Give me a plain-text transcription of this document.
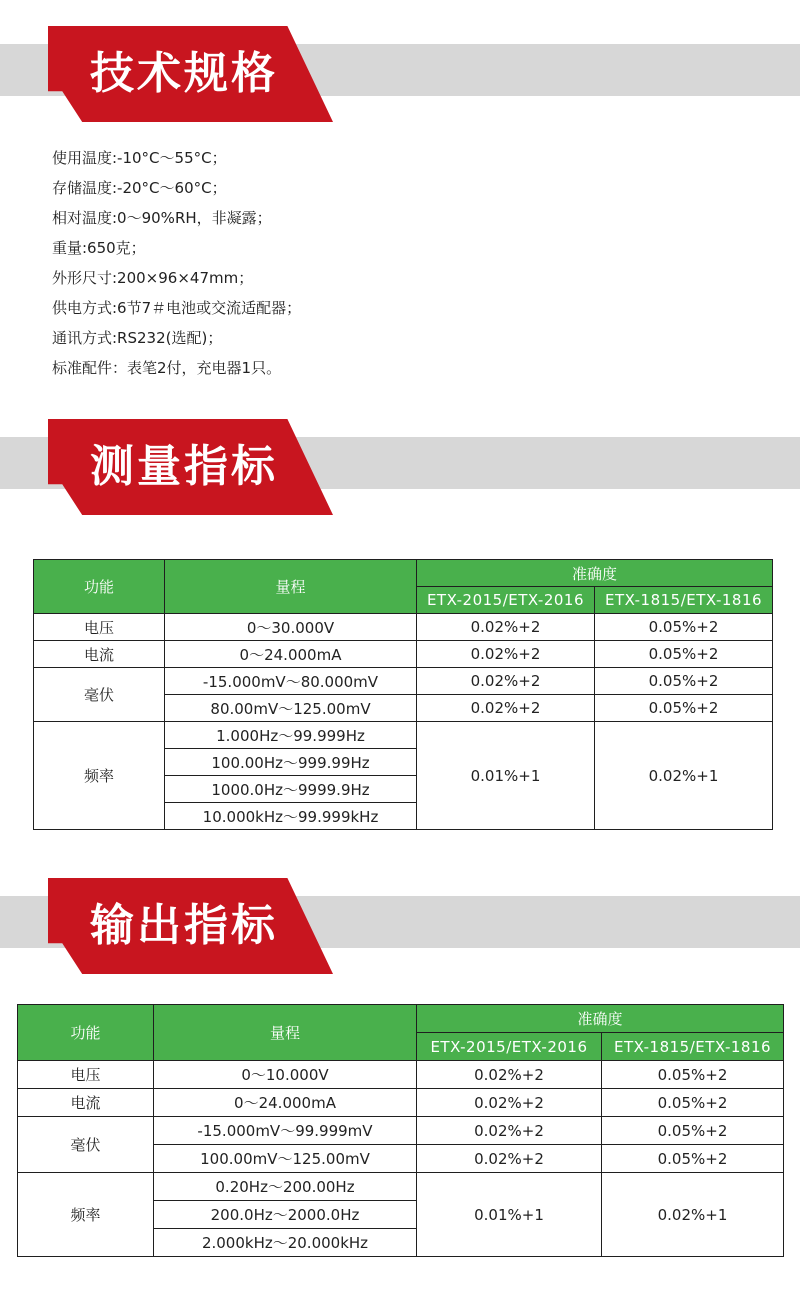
技术规格
使用温度:-10°C～55°C；
存储温度:-20°C～60°C；
相对温度:0～90%RH，非凝露；
重量:650克；
外形尺寸:200×96×47mm；
供电方式:6节7＃电池或交流适配器；
通讯方式:RS232(选配)；
标准配件：表笔2付，充电器1只。
测量指标
功能	量程	准确度	
		ETX-2015/ETX-2016	ETX-1815/ETX-1816
电压	0～30.000V	0.02%+2	0.05%+2
电流	0～24.000mA	0.02%+2	0.05%+2
毫伏	-15.000mV～80.000mV	0.02%+2	0.05%+2
	80.00mV～125.00mV	0.02%+2	0.05%+2
频率	1.000Hz～99.999Hz	0.01%+1	0.02%+1
	100.00Hz～999.99Hz		
	1000.0Hz～9999.9Hz		
	10.000kHz～99.999kHz		
输出指标
功能	量程	准确度	
		ETX-2015/ETX-2016	ETX-1815/ETX-1816
电压	0～10.000V	0.02%+2	0.05%+2
电流	0～24.000mA	0.02%+2	0.05%+2
毫伏	-15.000mV～99.999mV	0.02%+2	0.05%+2
	100.00mV～125.00mV	0.02%+2	0.05%+2
频率	0.20Hz～200.00Hz	0.01%+1	0.02%+1
	200.0Hz～2000.0Hz		
	2.000kHz～20.000kHz		
